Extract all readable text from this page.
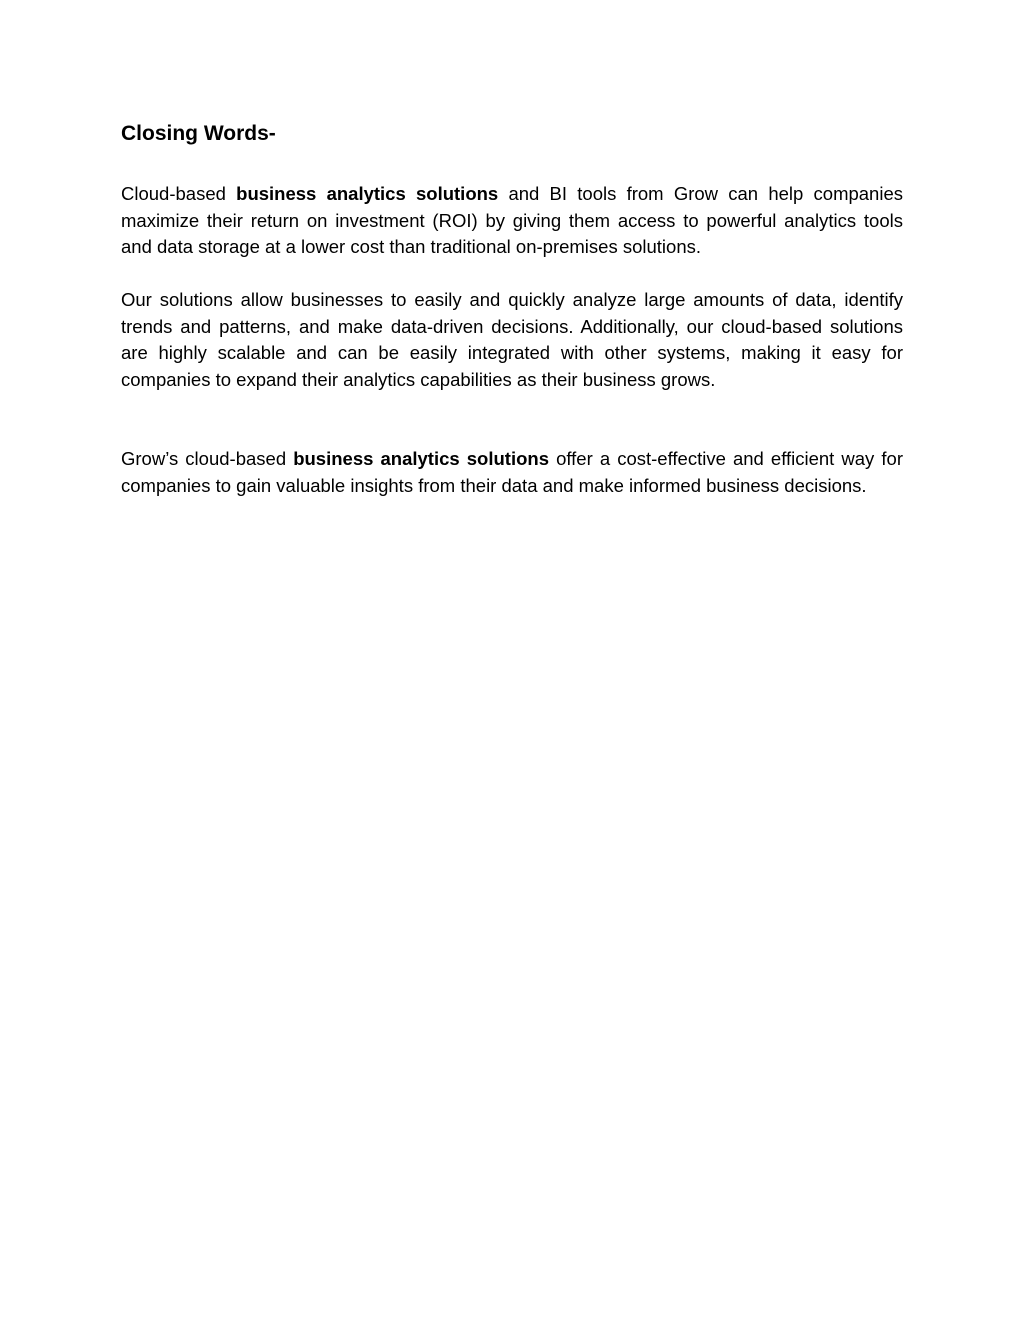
Closing Words-

Cloud-based business analytics solutions and BI tools from Grow can help companies maximize their return on investment (ROI) by giving them access to powerful analytics tools and data storage at a lower cost than traditional on-premises solutions.

Our solutions allow businesses to easily and quickly analyze large amounts of data, identify trends and patterns, and make data-driven decisions. Additionally, our cloud-based solutions are highly scalable and can be easily integrated with other systems, making it easy for companies to expand their analytics capabilities as their business grows.

Grow’s cloud-based business analytics solutions offer a cost-effective and efficient way for companies to gain valuable insights from their data and make informed business decisions.
